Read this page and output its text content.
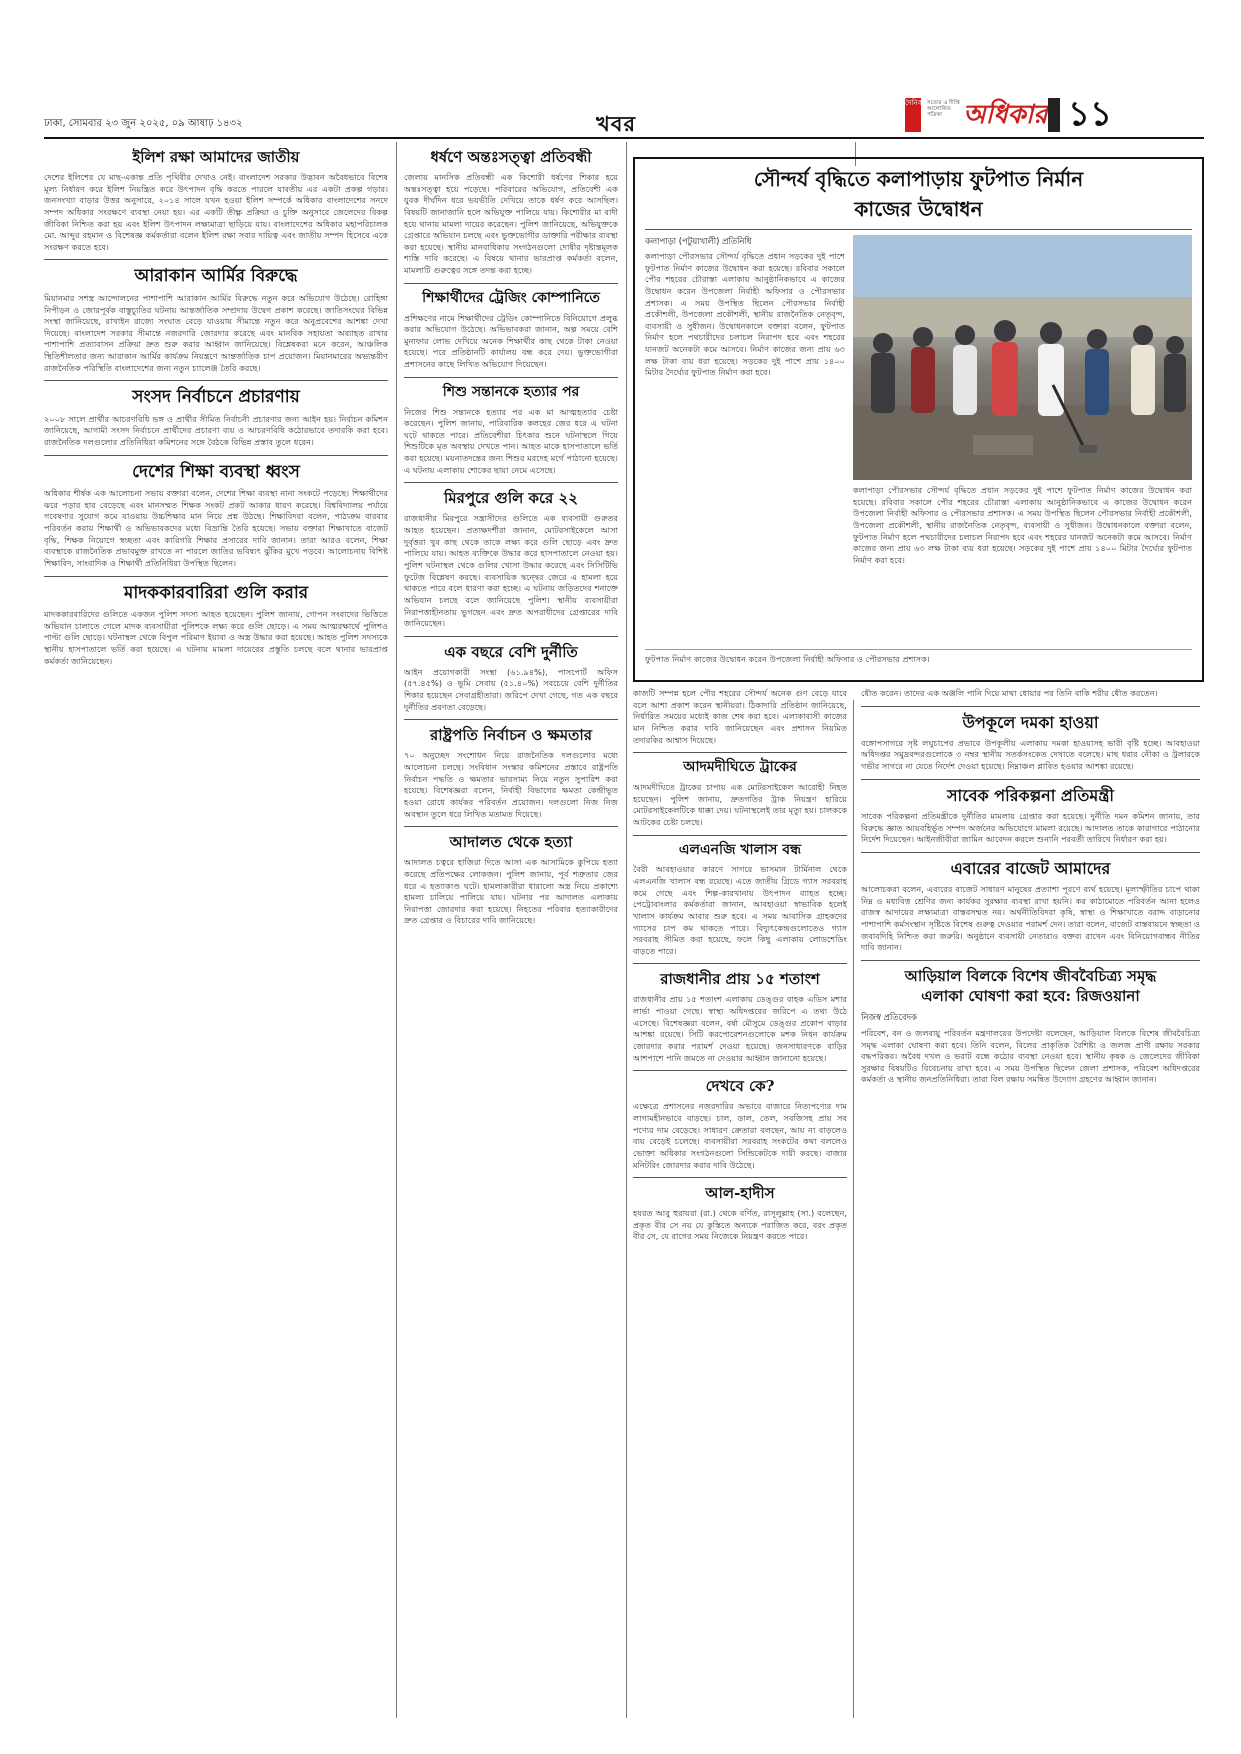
ঢাকা, সোমবার ২৩ জুন ২০২৫, ০৯ আষাঢ় ১৪৩২	খবর
দৈনিক সত্যের এ দীপ্তি আলোকিত পত্রিকা অধিকার ১১
ইলিশ রক্ষা আমাদের জাতীয়

দেশের ইলিশের যে মাছ-একান্ত প্রতি পৃথিবীর দেখাও নেই। বাংলাদেশ সরকার উদ্ভাবন অবৈধভাবে বিশেষ মূল্য নির্ধারণ করে ইলিশ নিয়ন্ত্রিত করে উৎপাদন বৃদ্ধি করতে পারলে যাবতীয় এর একটা প্রকল্প গড়ার। জনসংখ্যা বাড়ার উত্তর অনুসারে, ২০১৪ সালে যখন হওয়া ইলিশ সম্পর্কে অধিকার বাংলাদেশের সনদে সম্পদ অধিকার সংরক্ষণে ব্যবস্থা নেয়া হয়। এর একটি তীক্ষ্ণ প্রক্রিয়া ও চুক্তি অনুসারে জেলেদের বিকল্প জীবিকা নিশ্চিত করা হয় এবং ইলিশ উৎপাদন লক্ষ্যমাত্রা ছাড়িয়ে যায়। বাংলাদেশের অধিকার মহাপরিচালক মো. আব্দুর রহমান ও বিশেষজ্ঞ কর্মকর্তারা বলেন ইলিশ রক্ষা সবার দায়িত্ব এবং জাতীয় সম্পদ হিসেবে একে সংরক্ষণ করতে হবে।

আরাকান আর্মির বিরুদ্ধে

মিয়ানমার সশস্ত্র আন্দোলনের পাশাপাশি আরাকান আর্মির বিরুদ্ধে নতুন করে অভিযোগ উঠেছে। রোহিঙ্গা নিপীড়ন ও জোরপূর্বক বাস্তুচ্যুতির ঘটনায় আন্তর্জাতিক সম্প্রদায় উদ্বেগ প্রকাশ করেছে। জাতিসংঘের বিভিন্ন সংস্থা জানিয়েছে, রাখাইন রাজ্যে সংঘাত বেড়ে যাওয়ায় সীমান্তে নতুন করে অনুপ্রবেশের আশঙ্কা দেখা দিয়েছে। বাংলাদেশ সরকার সীমান্তে নজরদারি জোরদার করেছে এবং মানবিক সহায়তা অব্যাহত রাখার পাশাপাশি প্রত্যাবাসন প্রক্রিয়া দ্রুত শুরু করার আহ্বান জানিয়েছে। বিশ্লেষকরা মনে করেন, আঞ্চলিক স্থিতিশীলতার জন্য আরাকান আর্মির কার্যক্রম নিয়ন্ত্রণে আন্তর্জাতিক চাপ প্রয়োজন। মিয়ানমারের অভ্যন্তরীণ রাজনৈতিক পরিস্থিতি বাংলাদেশের জন্য নতুন চ্যালেঞ্জ তৈরি করছে।

সংসদ নির্বাচনে প্রচারণায়

২০০৮ সালে প্রার্থীর আচরণবিধি ভঙ্গ ও প্রার্থীর সীমিত নির্বাচনী প্রচারণার জন্য আইন হয়। নির্বাচন কমিশন জানিয়েছে, আগামী সংসদ নির্বাচনে প্রার্থীদের প্রচারণা ব্যয় ও আচরণবিধি কঠোরভাবে তদারকি করা হবে। রাজনৈতিক দলগুলোর প্রতিনিধিরা কমিশনের সঙ্গে বৈঠকে বিভিন্ন প্রস্তাব তুলে ধরেন।

দেশের শিক্ষা ব্যবস্থা ধ্বংস

অধিকার শীর্ষক এক আলোচনা সভায় বক্তারা বলেন, দেশের শিক্ষা ব্যবস্থা নানা সংকটে পড়েছে। শিক্ষার্থীদের ঝরে পড়ার হার বেড়েছে এবং মানসম্মত শিক্ষক সংকট প্রকট আকার ধারণ করেছে। বিশ্ববিদ্যালয় পর্যায়ে গবেষণার সুযোগ কমে যাওয়ায় উচ্চশিক্ষার মান নিয়ে প্রশ্ন উঠছে। শিক্ষাবিদরা বলেন, পাঠ্যক্রম বারবার পরিবর্তন করায় শিক্ষার্থী ও অভিভাবকদের মধ্যে বিভ্রান্তি তৈরি হয়েছে। সভায় বক্তারা শিক্ষাখাতে বাজেট বৃদ্ধি, শিক্ষক নিয়োগে স্বচ্ছতা এবং কারিগরি শিক্ষার প্রসারের দাবি জানান। তারা আরও বলেন, শিক্ষা ব্যবস্থাকে রাজনৈতিক প্রভাবমুক্ত রাখতে না পারলে জাতির ভবিষ্যৎ ঝুঁকির মুখে পড়বে। আলোচনায় বিশিষ্ট শিক্ষাবিদ, সাংবাদিক ও শিক্ষার্থী প্রতিনিধিরা উপস্থিত ছিলেন।

মাদককারবারিরা গুলি করার

মাদককারবারিদের গুলিতে একজন পুলিশ সদস্য আহত হয়েছেন। পুলিশ জানায়, গোপন সংবাদের ভিত্তিতে অভিযান চালাতে গেলে মাদক ব্যবসায়ীরা পুলিশকে লক্ষ্য করে গুলি ছোড়ে। এ সময় আত্মরক্ষার্থে পুলিশও পাল্টা গুলি ছোড়ে। ঘটনাস্থল থেকে বিপুল পরিমাণ ইয়াবা ও অস্ত্র উদ্ধার করা হয়েছে। আহত পুলিশ সদস্যকে স্থানীয় হাসপাতালে ভর্তি করা হয়েছে। এ ঘটনায় মামলা দায়েরের প্রস্তুতি চলছে বলে থানার ভারপ্রাপ্ত কর্মকর্তা জানিয়েছেন।

ধর্ষণে অন্তঃসত্ত্বা প্রতিবন্ধী

জেলায় মানসিক প্রতিবন্ধী এক কিশোরী ধর্ষণের শিকার হয়ে অন্তঃসত্ত্বা হয়ে পড়েছে। পরিবারের অভিযোগ, প্রতিবেশী এক যুবক দীর্ঘদিন ধরে ভয়ভীতি দেখিয়ে তাকে ধর্ষণ করে আসছিল। বিষয়টি জানাজানি হলে অভিযুক্ত পালিয়ে যায়। কিশোরীর মা বাদী হয়ে থানায় মামলা দায়ের করেছেন। পুলিশ জানিয়েছে, অভিযুক্তকে গ্রেপ্তারে অভিযান চলছে এবং ভুক্তভোগীর ডাক্তারি পরীক্ষার ব্যবস্থা করা হয়েছে। স্থানীয় মানবাধিকার সংগঠনগুলো দোষীর দৃষ্টান্তমূলক শাস্তি দাবি করেছে। এ বিষয়ে থানার ভারপ্রাপ্ত কর্মকর্তা বলেন, মামলাটি গুরুত্বের সঙ্গে তদন্ত করা হচ্ছে।

শিক্ষার্থীদের ট্রেজিং কোম্পানিতে

প্রশিক্ষণের নামে শিক্ষার্থীদের ট্রেডিং কোম্পানিতে বিনিয়োগে প্রলুব্ধ করার অভিযোগ উঠেছে। অভিভাবকরা জানান, অল্প সময়ে বেশি মুনাফার লোভ দেখিয়ে অনেক শিক্ষার্থীর কাছ থেকে টাকা নেওয়া হয়েছে। পরে প্রতিষ্ঠানটি কার্যালয় বন্ধ করে দেয়। ভুক্তভোগীরা প্রশাসনের কাছে লিখিত অভিযোগ দিয়েছেন।

শিশু সন্তানকে হত্যার পর

নিজের শিশু সন্তানকে হত্যার পর এক মা আত্মহত্যার চেষ্টা করেছেন। পুলিশ জানায়, পারিবারিক কলহের জের ধরে এ ঘটনা ঘটে থাকতে পারে। প্রতিবেশীরা চিৎকার শুনে ঘটনাস্থলে গিয়ে শিশুটিকে মৃত অবস্থায় দেখতে পান। আহত মাকে হাসপাতালে ভর্তি করা হয়েছে। ময়নাতদন্তের জন্য শিশুর মরদেহ মর্গে পাঠানো হয়েছে। এ ঘটনায় এলাকায় শোকের ছায়া নেমে এসেছে।

মিরপুরে গুলি করে ২২

রাজধানীর মিরপুরে সন্ত্রাসীদের গুলিতে এক ব্যবসায়ী গুরুতর আহত হয়েছেন। প্রত্যক্ষদর্শীরা জানান, মোটরসাইকেলে আসা দুর্বৃত্তরা খুব কাছ থেকে তাকে লক্ষ্য করে গুলি ছোড়ে এবং দ্রুত পালিয়ে যায়। আহত ব্যক্তিকে উদ্ধার করে হাসপাতালে নেওয়া হয়। পুলিশ ঘটনাস্থল থেকে গুলির খোসা উদ্ধার করেছে এবং সিসিটিভি ফুটেজ বিশ্লেষণ করছে। ব্যবসায়িক দ্বন্দ্বের জেরে এ হামলা হয়ে থাকতে পারে বলে ধারণা করা হচ্ছে। এ ঘটনায় জড়িতদের শনাক্তে অভিযান চলছে বলে জানিয়েছে পুলিশ। স্থানীয় ব্যবসায়ীরা নিরাপত্তাহীনতায় ভুগছেন এবং দ্রুত অপরাধীদের গ্রেপ্তারের দাবি জানিয়েছেন।

এক বছরে বেশি দুর্নীতি

আইন প্রয়োগকারী সংস্থা (৬১.৯৪%), পাসপোর্ট অফিস (৫৭.৪৫%) ও ভূমি সেবায় (৫১.৪০%) সবচেয়ে বেশি দুর্নীতির শিকার হয়েছেন সেবাগ্রহীতারা। জরিপে দেখা গেছে, গত এক বছরে দুর্নীতির প্রবণতা বেড়েছে।

রাষ্ট্রপতি নির্বাচন ও ক্ষমতার

৭০ অনুচ্ছেদ সংশোধন নিয়ে রাজনৈতিক দলগুলোর মধ্যে আলোচনা চলছে। সংবিধান সংস্কার কমিশনের প্রস্তাবে রাষ্ট্রপতি নির্বাচন পদ্ধতি ও ক্ষমতার ভারসাম্য নিয়ে নতুন সুপারিশ করা হয়েছে। বিশেষজ্ঞরা বলেন, নির্বাহী বিভাগের ক্ষমতা কেন্দ্রীভূত হওয়া রোধে কার্যকর পরিবর্তন প্রয়োজন। দলগুলো নিজ নিজ অবস্থান তুলে ধরে লিখিত মতামত দিয়েছে।

আদালত থেকে হত্যা

আদালত চত্বরে হাজিরা দিতে আসা এক আসামিকে কুপিয়ে হত্যা করেছে প্রতিপক্ষের লোকজন। পুলিশ জানায়, পূর্ব শত্রুতার জের ধরে এ হত্যাকাণ্ড ঘটে। হামলাকারীরা ধারালো অস্ত্র নিয়ে প্রকাশ্যে হামলা চালিয়ে পালিয়ে যায়। ঘটনার পর আদালত এলাকায় নিরাপত্তা জোরদার করা হয়েছে। নিহতের পরিবার হত্যাকারীদের দ্রুত গ্রেপ্তার ও বিচারের দাবি জানিয়েছে।

সৌন্দর্য বৃদ্ধিতে কলাপাড়ায় ফুটপাত নির্মান
কাজের উদ্বোধন
কলাপাড়া (পটুয়াখালী) প্রতিনিধি

কলাপাড়া পৌরসভার সৌন্দর্য বৃদ্ধিতে প্রধান সড়কের দুই পাশে ফুটপাত নির্মাণ কাজের উদ্বোধন করা হয়েছে। রবিবার সকালে পৌর শহরের চৌরাস্তা এলাকায় আনুষ্ঠানিকভাবে এ কাজের উদ্বোধন করেন উপজেলা নির্বাহী অফিসার ও পৌরসভার প্রশাসক। এ সময় উপস্থিত ছিলেন পৌরসভার নির্বাহী প্রকৌশলী, উপজেলা প্রকৌশলী, স্থানীয় রাজনৈতিক নেতৃবৃন্দ, ব্যবসায়ী ও সুধীজন। উদ্বোধনকালে বক্তারা বলেন, ফুটপাত নির্মাণ হলে পথচারীদের চলাচল নিরাপদ হবে এবং শহরের যানজট অনেকটা কমে আসবে। নির্মাণ কাজের জন্য প্রায় ৬৩ লক্ষ টাকা ব্যয় ধরা হয়েছে। সড়কের দুই পাশে প্রায় ১৪০০ মিটার দৈর্ঘ্যের ফুটপাত নির্মাণ করা হবে।

কলাপাড়া পৌরসভার সৌন্দর্য বৃদ্ধিতে প্রধান সড়কের দুই পাশে ফুটপাত নির্মাণ কাজের উদ্বোধন করা হয়েছে। রবিবার সকালে পৌর শহরের চৌরাস্তা এলাকায় আনুষ্ঠানিকভাবে এ কাজের উদ্বোধন করেন উপজেলা নির্বাহী অফিসার ও পৌরসভার প্রশাসক। এ সময় উপস্থিত ছিলেন পৌরসভার নির্বাহী প্রকৌশলী, উপজেলা প্রকৌশলী, স্থানীয় রাজনৈতিক নেতৃবৃন্দ, ব্যবসায়ী ও সুধীজন। উদ্বোধনকালে বক্তারা বলেন, ফুটপাত নির্মাণ হলে পথচারীদের চলাচল নিরাপদ হবে এবং শহরের যানজট অনেকটা কমে আসবে। নির্মাণ কাজের জন্য প্রায় ৬৩ লক্ষ টাকা ব্যয় ধরা হয়েছে। সড়কের দুই পাশে প্রায় ১৪০০ মিটার দৈর্ঘ্যের ফুটপাত নির্মাণ করা হবে।

ফুটপাত নির্মাণ কাজের উদ্বোধন করেন উপজেলা নির্বাহী অফিসার ও পৌরসভার প্রশাসক।

কাজটি সম্পন্ন হলে পৌর শহরের সৌন্দর্য অনেক গুণ বেড়ে যাবে বলে আশা প্রকাশ করেন স্থানীয়রা। ঠিকাদারি প্রতিষ্ঠান জানিয়েছে, নির্ধারিত সময়ের মধ্যেই কাজ শেষ করা হবে। এলাকাবাসী কাজের মান নিশ্চিত করার দাবি জানিয়েছেন এবং প্রশাসন নিয়মিত তদারকির আশ্বাস দিয়েছে।

আদমদীঘিতে ট্রাকের

আদমদীঘিতে ট্রাকের চাপায় এক মোটরসাইকেল আরোহী নিহত হয়েছেন। পুলিশ জানায়, দ্রুতগতির ট্রাক নিয়ন্ত্রণ হারিয়ে মোটরসাইকেলটিকে ধাক্কা দেয়। ঘটনাস্থলেই তার মৃত্যু হয়। চালককে আটকের চেষ্টা চলছে।

এলএনজি খালাস বন্ধ

বৈরী আবহাওয়ার কারণে সাগরে ভাসমান টার্মিনাল থেকে এলএনজি খালাস বন্ধ রয়েছে। এতে জাতীয় গ্রিডে গ্যাস সরবরাহ কমে গেছে এবং শিল্প-কারখানায় উৎপাদন ব্যাহত হচ্ছে। পেট্রোবাংলার কর্মকর্তারা জানান, আবহাওয়া স্বাভাবিক হলেই খালাস কার্যক্রম আবার শুরু হবে। এ সময় আবাসিক গ্রাহকদের গ্যাসের চাপ কম থাকতে পারে। বিদ্যুৎকেন্দ্রগুলোতেও গ্যাস সরবরাহ সীমিত করা হয়েছে, ফলে কিছু এলাকায় লোডশেডিং বাড়তে পারে।

রাজধানীর প্রায় ১৫ শতাংশ

রাজধানীর প্রায় ১৫ শতাংশ এলাকায় ডেঙ্গুর বাহক এডিস মশার লার্ভা পাওয়া গেছে। স্বাস্থ্য অধিদপ্তরের জরিপে এ তথ্য উঠে এসেছে। বিশেষজ্ঞরা বলেন, বর্ষা মৌসুমে ডেঙ্গুর প্রকোপ বাড়ার আশঙ্কা রয়েছে। সিটি করপোরেশনগুলোকে মশক নিধন কার্যক্রম জোরদার করার পরামর্শ দেওয়া হয়েছে। জনসাধারণকে বাড়ির আশপাশে পানি জমতে না দেওয়ার আহ্বান জানানো হয়েছে।

দেখবে কে?

এক্ষেত্রে প্রশাসনের নজরদারির অভাবে বাজারে নিত্যপণ্যের দাম লাগামহীনভাবে বাড়ছে। চাল, ডাল, তেল, সবজিসহ প্রায় সব পণ্যের দাম বেড়েছে। সাধারণ ক্রেতারা বলছেন, আয় না বাড়লেও ব্যয় বেড়েই চলেছে। ব্যবসায়ীরা সরবরাহ সংকটের কথা বললেও ভোক্তা অধিকার সংগঠনগুলো সিন্ডিকেটকে দায়ী করছে। বাজার মনিটরিং জোরদার করার দাবি উঠেছে।

আল-হাদীস

হযরত আবু হুরায়রা (রা.) থেকে বর্ণিত, রাসূলুল্লাহ (সা.) বলেছেন, প্রকৃত বীর সে নয় যে কুস্তিতে অন্যকে পরাজিত করে, বরং প্রকৃত বীর সে, যে রাগের সময় নিজেকে নিয়ন্ত্রণ করতে পারে।

ধৌত করেন। তাদের এক অঞ্জলি পানি দিয়ে মাথা ধোয়ার পর তিনি বাকি শরীর ধৌত করতেন।

উপকূলে দমকা হাওয়া

বঙ্গোপসাগরে সৃষ্ট লঘুচাপের প্রভাবে উপকূলীয় এলাকায় দমকা হাওয়াসহ ভারী বৃষ্টি হচ্ছে। আবহাওয়া অধিদপ্তর সমুদ্রবন্দরগুলোকে ৩ নম্বর স্থানীয় সতর্কসংকেত দেখাতে বলেছে। মাছ ধরার নৌকা ও ট্রলারকে গভীর সাগরে না যেতে নির্দেশ দেওয়া হয়েছে। নিম্নাঞ্চল প্লাবিত হওয়ার আশঙ্কা রয়েছে।

সাবেক পরিকল্পনা প্রতিমন্ত্রী

সাবেক পরিকল্পনা প্রতিমন্ত্রীকে দুর্নীতির মামলায় গ্রেপ্তার করা হয়েছে। দুর্নীতি দমন কমিশন জানায়, তার বিরুদ্ধে জ্ঞাত আয়বহির্ভূত সম্পদ অর্জনের অভিযোগে মামলা রয়েছে। আদালত তাকে কারাগারে পাঠানোর নির্দেশ দিয়েছেন। আইনজীবীরা জামিন আবেদন করলে শুনানি পরবর্তী তারিখে নির্ধারণ করা হয়।

এবারের বাজেট আমাদের

আলোচকরা বলেন, এবারের বাজেট সাধারণ মানুষের প্রত্যাশা পূরণে ব্যর্থ হয়েছে। মূল্যস্ফীতির চাপে থাকা নিম্ন ও মধ্যবিত্ত শ্রেণির জন্য কার্যকর সুরক্ষার ব্যবস্থা রাখা হয়নি। কর কাঠামোতে পরিবর্তন আনা হলেও রাজস্ব আদায়ের লক্ষ্যমাত্রা বাস্তবসম্মত নয়। অর্থনীতিবিদরা কৃষি, স্বাস্থ্য ও শিক্ষাখাতে বরাদ্দ বাড়ানোর পাশাপাশি কর্মসংস্থান সৃষ্টিতে বিশেষ গুরুত্ব দেওয়ার পরামর্শ দেন। তারা বলেন, বাজেট বাস্তবায়নে স্বচ্ছতা ও জবাবদিহি নিশ্চিত করা জরুরি। অনুষ্ঠানে ব্যবসায়ী নেতারাও বক্তব্য রাখেন এবং বিনিয়োগবান্ধব নীতির দাবি জানান।

আড়িয়াল বিলকে বিশেষ জীববৈচিত্র্য সমৃদ্ধ
এলাকা ঘোষণা করা হবে: রিজওয়ানা

নিজস্ব প্রতিবেদক

পরিবেশ, বন ও জলবায়ু পরিবর্তন মন্ত্রণালয়ের উপদেষ্টা বলেছেন, আড়িয়াল বিলকে বিশেষ জীববৈচিত্র্য সমৃদ্ধ এলাকা ঘোষণা করা হবে। তিনি বলেন, বিলের প্রাকৃতিক বৈশিষ্ট্য ও জলজ প্রাণী রক্ষায় সরকার বদ্ধপরিকর। অবৈধ দখল ও ভরাট বন্ধে কঠোর ব্যবস্থা নেওয়া হবে। স্থানীয় কৃষক ও জেলেদের জীবিকা সুরক্ষার বিষয়টিও বিবেচনায় রাখা হবে। এ সময় উপস্থিত ছিলেন জেলা প্রশাসক, পরিবেশ অধিদপ্তরের কর্মকর্তা ও স্থানীয় জনপ্রতিনিধিরা। তারা বিল রক্ষায় সমন্বিত উদ্যোগ গ্রহণের আহ্বান জানান।
